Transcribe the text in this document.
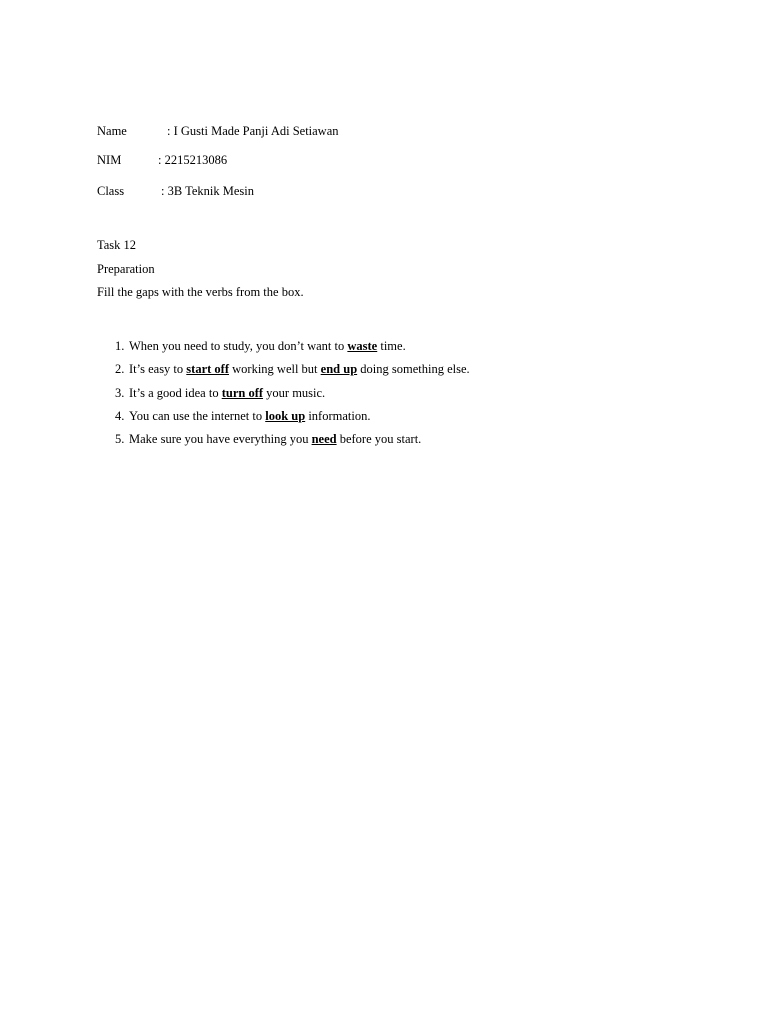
Name	: I Gusti Made Panji Adi Setiawan
NIM	: 2215213086
Class	: 3B Teknik Mesin
Task 12
Preparation
Fill the gaps with the verbs from the box.
1. When you need to study, you don’t want to waste time.
2. It’s easy to start off working well but end up doing something else.
3. It’s a good idea to turn off your music.
4. You can use the internet to look up information.
5. Make sure you have everything you need before you start.
